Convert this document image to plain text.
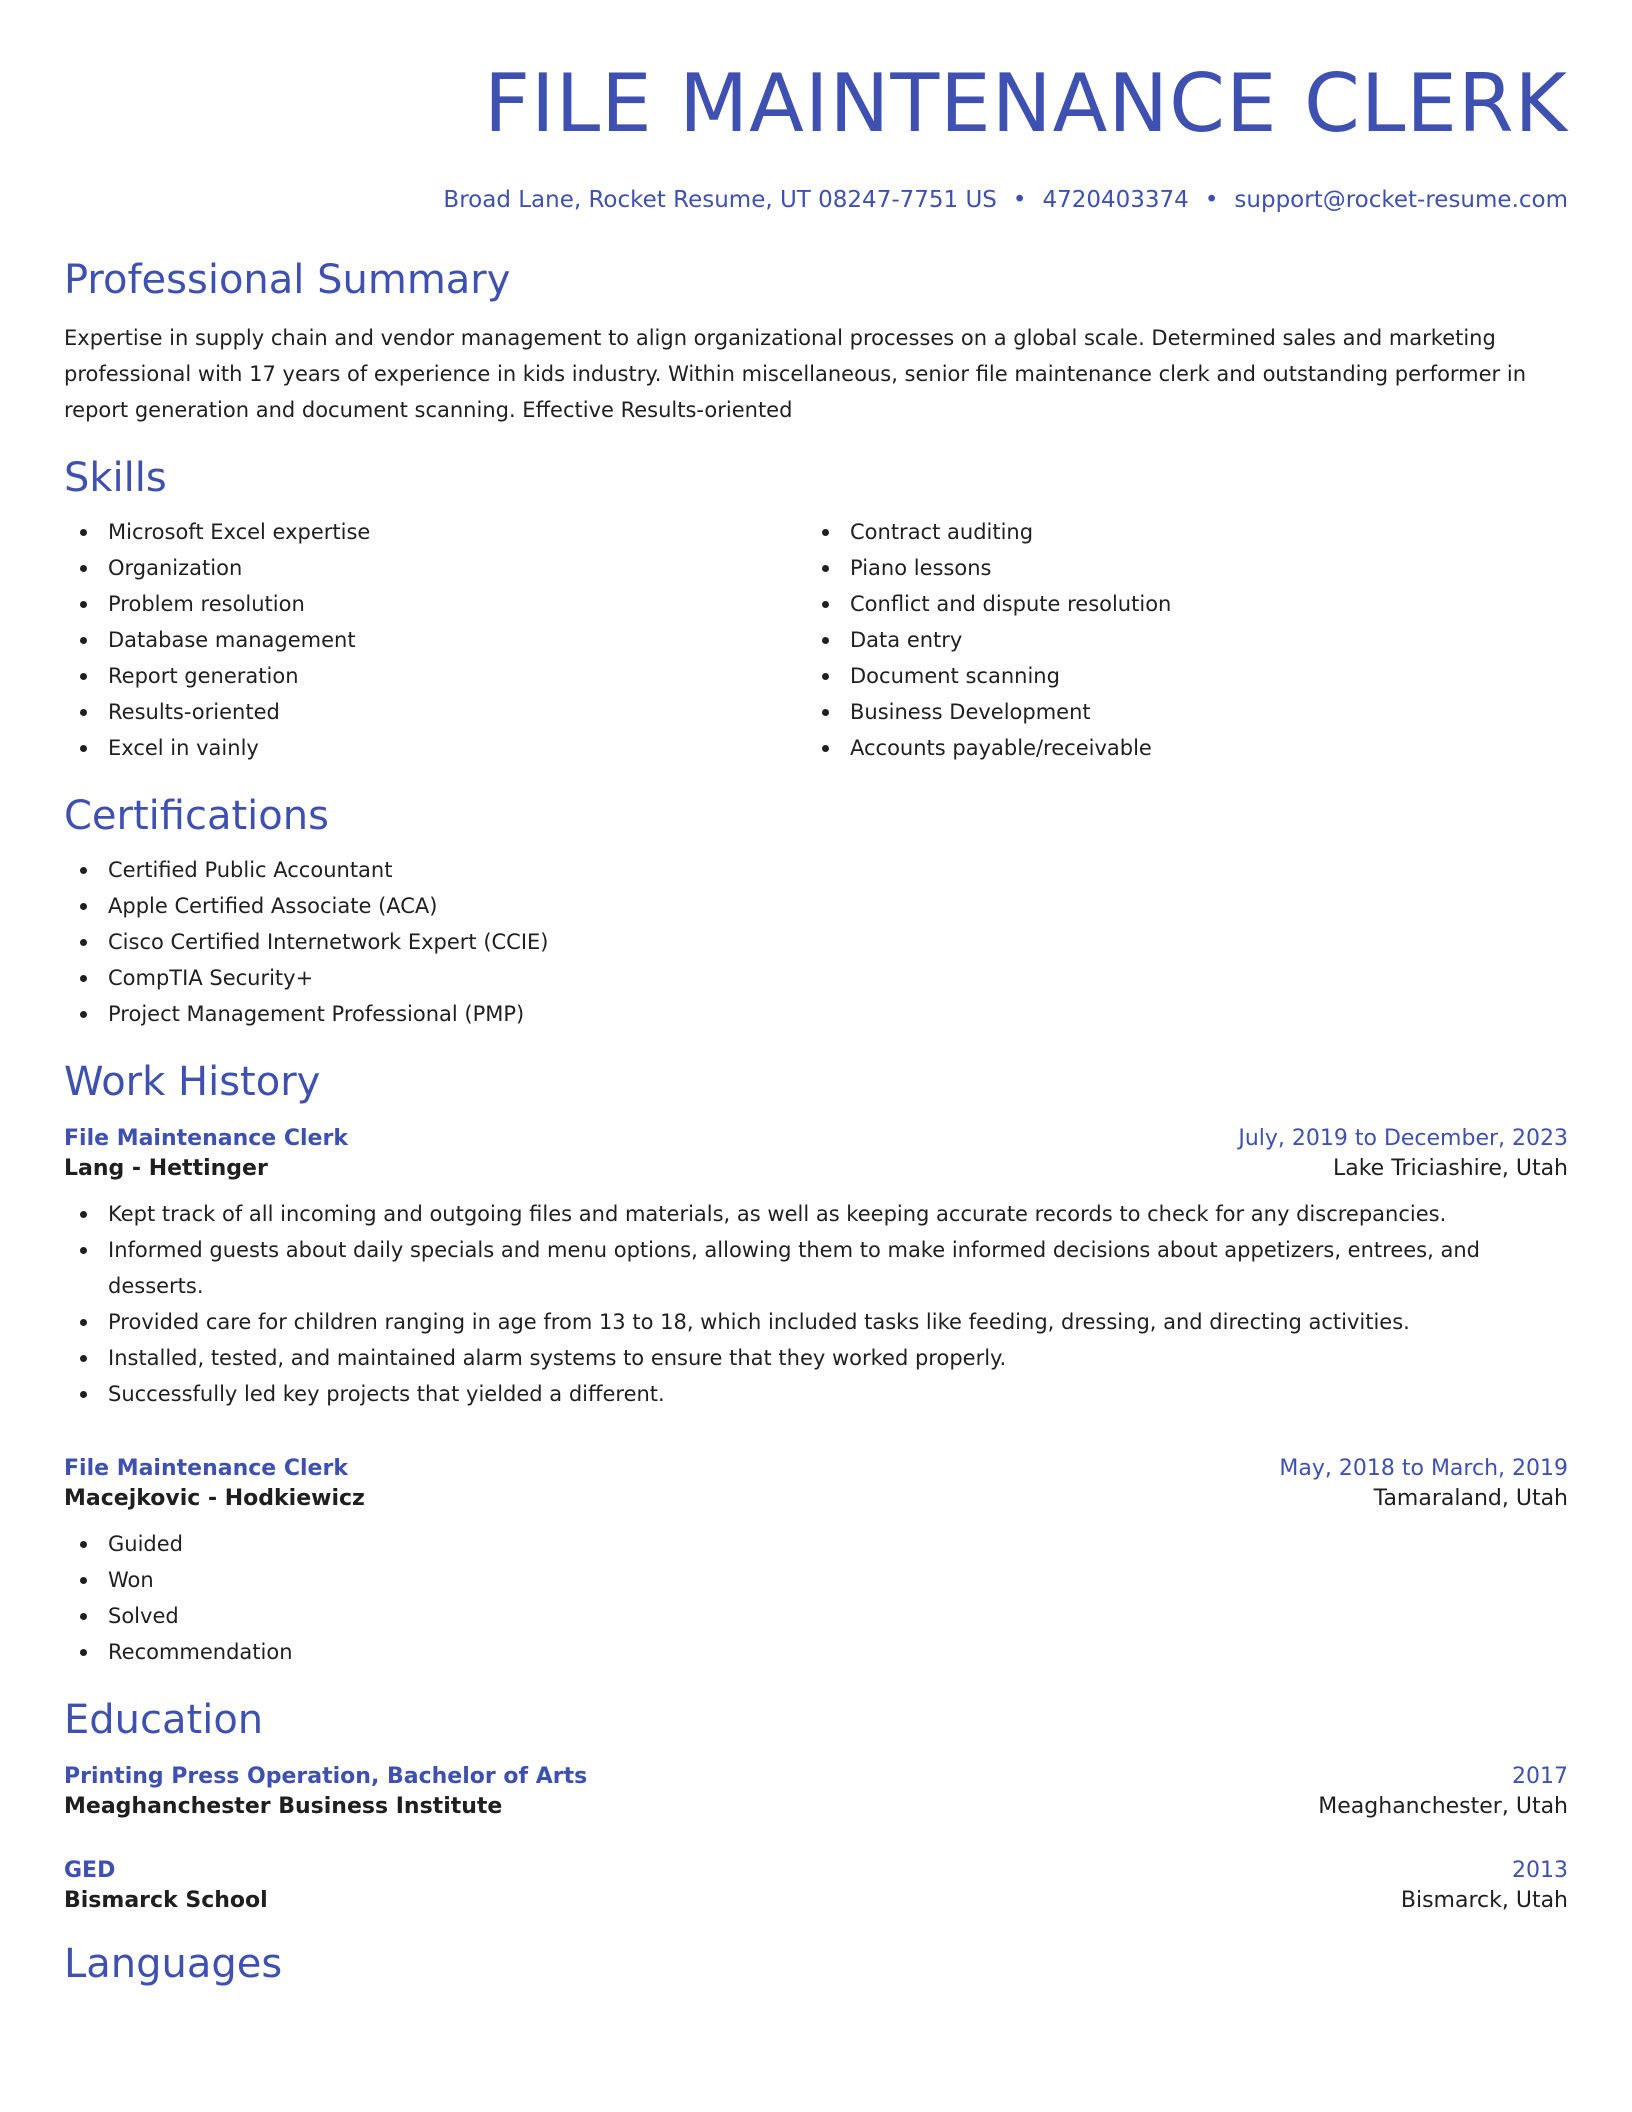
FILE MAINTENANCE CLERK
Broad Lane, Rocket Resume, UT 08247-7751 US • 4720403374 • support@rocket-resume.com
Professional Summary

Expertise in supply chain and vendor management to align organizational processes on a global scale. Determined sales and marketing professional with 17 years of experience in kids industry. Within miscellaneous, senior file maintenance clerk and outstanding performer in report generation and document scanning. Effective Results-oriented

Skills
Microsoft Excel expertise
Organization
Problem resolution
Database management
Report generation
Results-oriented
Excel in vainly
Contract auditing
Piano lessons
Conflict and dispute resolution
Data entry
Document scanning
Business Development
Accounts payable/receivable
Certifications
Certified Public Accountant
Apple Certified Associate (ACA)
Cisco Certified Internetwork Expert (CCIE)
CompTIA Security+
Project Management Professional (PMP)
Work History
File Maintenance Clerk	July, 2019 to December, 2023
Lang - Hettinger	Lake Triciashire, Utah
Kept track of all incoming and outgoing files and materials, as well as keeping accurate records to check for any discrepancies.
Informed guests about daily specials and menu options, allowing them to make informed decisions about appetizers, entrees, and desserts.
Provided care for children ranging in age from 13 to 18, which included tasks like feeding, dressing, and directing activities.
Installed, tested, and maintained alarm systems to ensure that they worked properly.
Successfully led key projects that yielded a different.
File Maintenance Clerk	May, 2018 to March, 2019
Macejkovic - Hodkiewicz	Tamaraland, Utah
Guided
Won
Solved
Recommendation
Education
Printing Press Operation, Bachelor of Arts	2017
Meaghanchester Business Institute	Meaghanchester, Utah
GED	2013
Bismarck School	Bismarck, Utah
Languages
